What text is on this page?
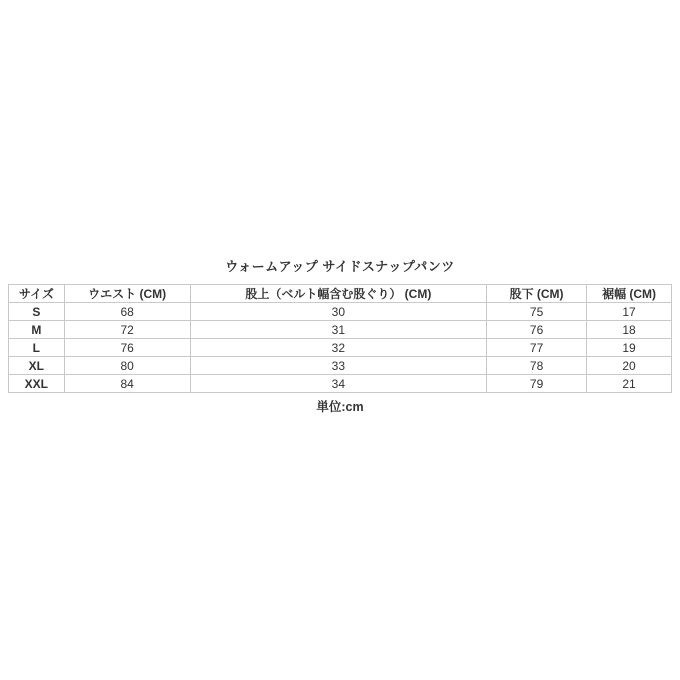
ウォームアップ サイドスナップパンツ
サイズ	ウエスト (CM)	股上（ベルト幅含む股ぐり） (CM)	股下 (CM)	裾幅 (CM)
S	68	30	75	17
M	72	31	76	18
L	76	32	77	19
XL	80	33	78	20
XXL	84	34	79	21
単位:cm
